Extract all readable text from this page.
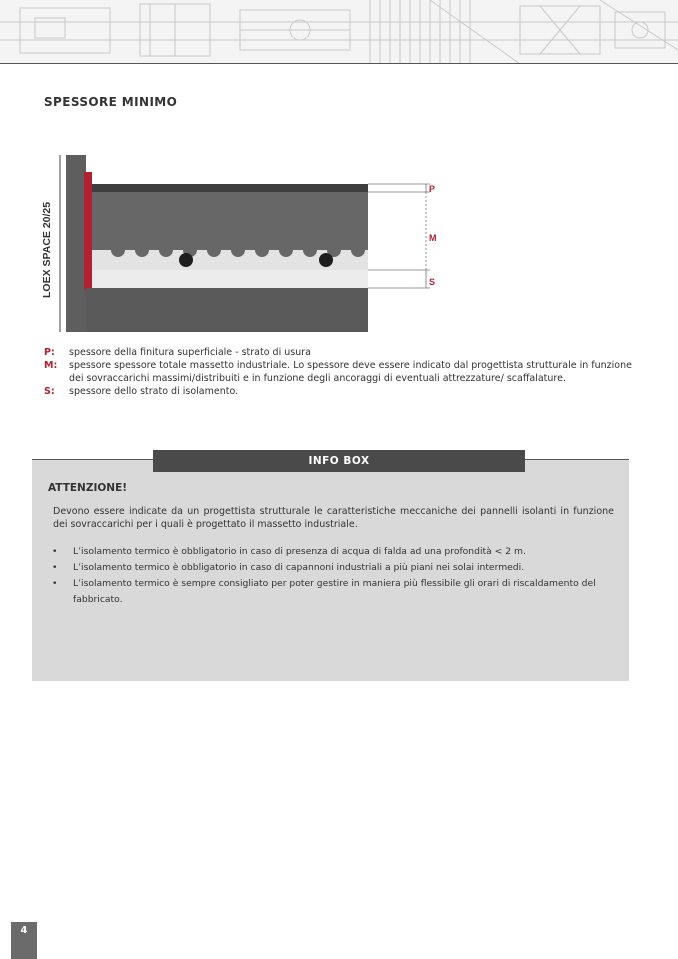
SPESSORE MINIMO
LOEX SPACE 20/25
P
M
S
P:	spessore della finitura superficiale - strato di usura
M:	spessore spessore totale massetto industriale. Lo spessore deve essere indicato dal progettista strutturale in funzione dei sovraccarichi massimi/distribuiti e in funzione degli ancoraggi di eventuali attrezzature/ scaffalature.
S:	spessore dello strato di isolamento.
INFO BOX
ATTENZIONE!
Devono essere indicate da un progettista strutturale le caratteristiche meccaniche dei pannelli isolanti in funzione dei sovraccarichi per i quali è progettato il massetto industriale.
• L’isolamento termico è obbligatorio in caso di presenza di acqua di falda ad una profondità < 2 m.
• L’isolamento termico è obbligatorio in caso di capannoni industriali a più piani nei solai intermedi.
• L’isolamento termico è sempre consigliato per poter gestire in maniera più flessibile gli orari di riscaldamento del fabbricato.
4
